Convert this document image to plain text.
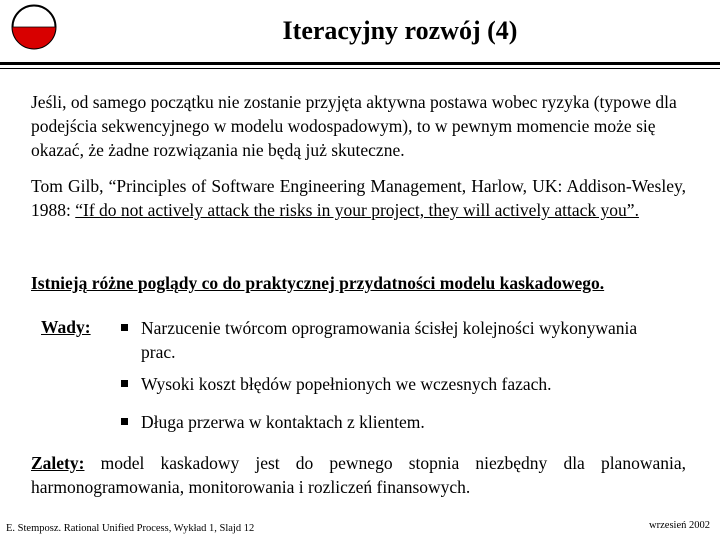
Iteracyjny rozwój (4)
Jeśli, od samego początku nie zostanie przyjęta aktywna postawa wobec ryzyka (typowe dla podejścia sekwencyjnego w modelu wodospadowym), to w pewnym momencie może się okazać, że żadne rozwiązania nie będą już skuteczne.
Tom Gilb, “Principles of Software Engineering Management, Harlow, UK: Addison-Wesley, 1988: “If do not actively attack the risks in your project, they will actively attack you”.
Istnieją różne poglądy co do praktycznej przydatności modelu kaskadowego.
Wady:	Narzucenie twórcom oprogramowania ścisłej kolejności wykonywania prac.
Wysoki koszt błędów popełnionych we wczesnych fazach.
Długa przerwa w kontaktach z klientem.
Zalety: model kaskadowy jest do pewnego stopnia niezbędny dla planowania, harmonogramowania, monitorowania i rozliczeń finansowych.
E. Stemposz. Rational Unified Process, Wykład 1, Slajd 12	wrzesień 2002
